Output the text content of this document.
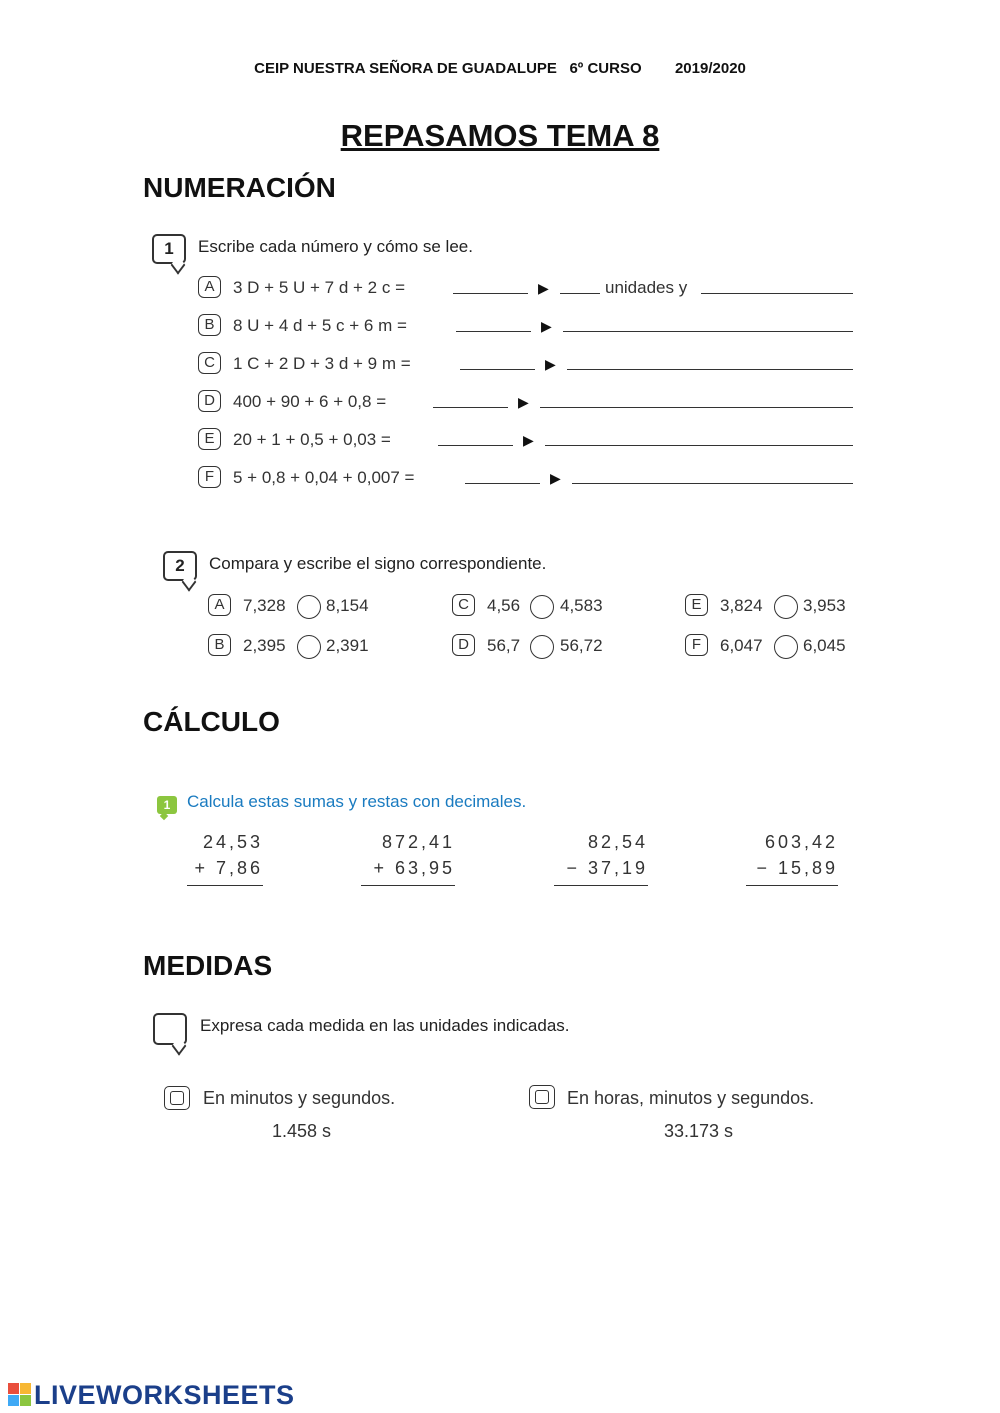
CEIP NUESTRA SEÑORA DE GUADALUPE 6º CURSO 2019/2020
REPASAMOS TEMA 8
NUMERACIÓN
1	Escribe cada número y cómo se lee.
A	3 D + 5 U + 7 d + 2 c =	▶	unidades y
B	8 U + 4 d + 5 c + 6 m =	▶
C	1 C + 2 D + 3 d + 9 m =	▶
D	400 + 90 + 6 + 0,8 =	▶
E	20 + 1 + 0,5 + 0,03 =	▶
F	5 + 0,8 + 0,04 + 0,007 =	▶
2	Compara y escribe el signo correspondiente.
A	7,328 8,154
B	2,395 2,391
C	4,56 4,583
D	56,7 56,72
E	3,824 3,953
F	6,047 6,045
CÁLCULO
1 Calcula estas sumas y restas con decimales.
24,53
+ 7,86
872,41
+ 63,95
82,54
− 37,19
603,42
− 15,89
MEDIDAS
Expresa cada medida en las unidades indicadas.
En minutos y segundos.
1.458 s
En horas, minutos y segundos.
33.173 s
LIVEWORKSHEETS
